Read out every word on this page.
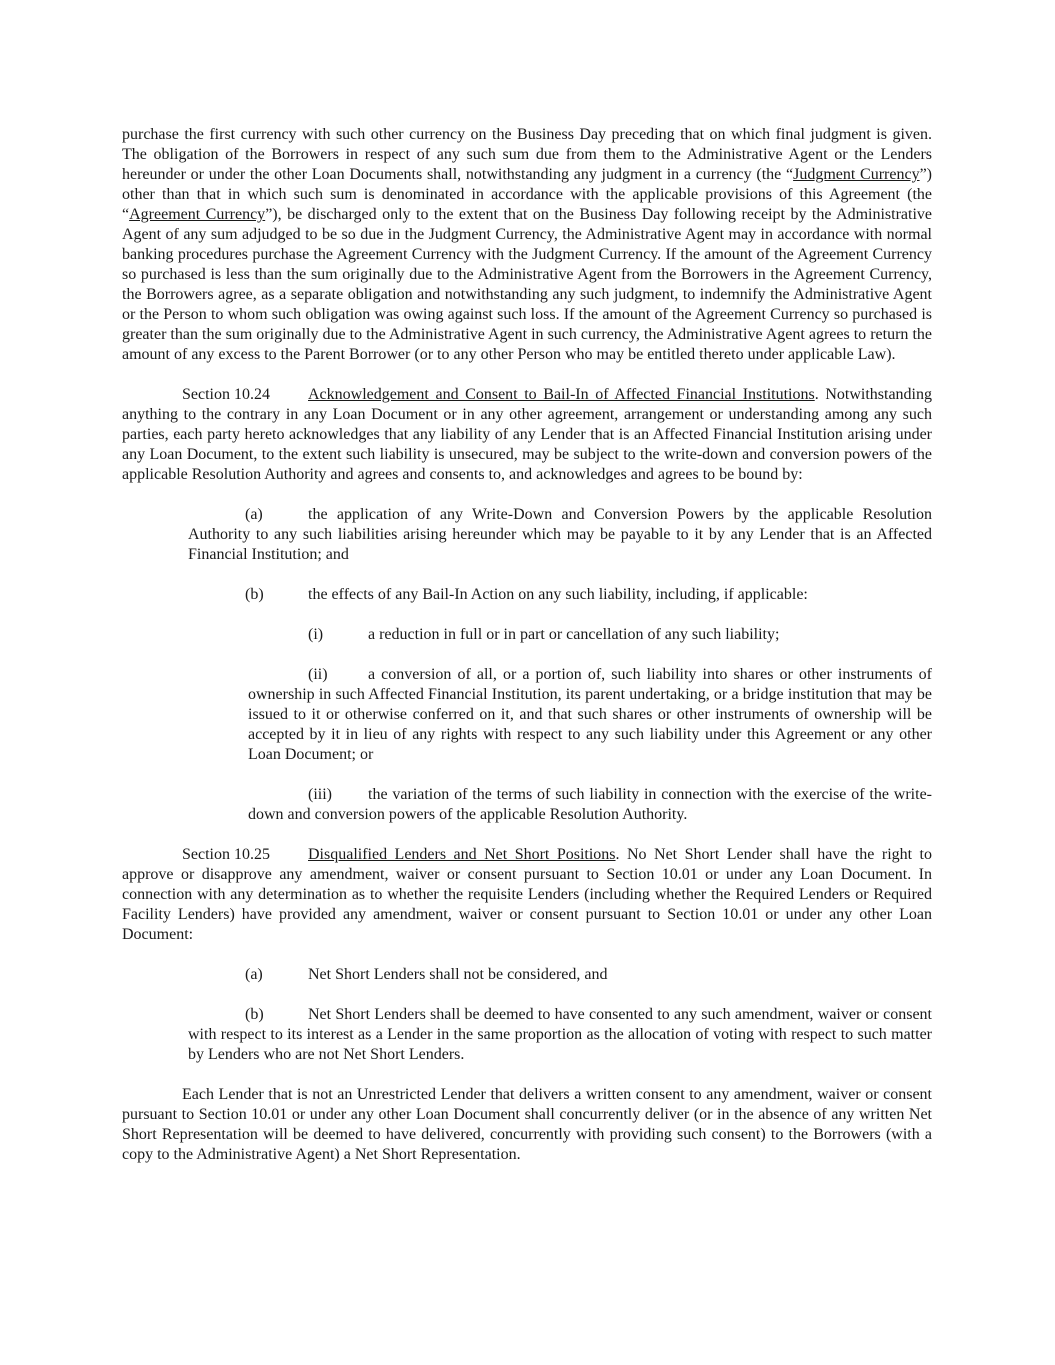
purchase the first currency with such other currency on the Business Day preceding that on which final judgment is given. The obligation of the Borrowers in respect of any such sum due from them to the Administrative Agent or the Lenders hereunder or under the other Loan Documents shall, notwithstanding any judgment in a currency (the “Judgment Currency”) other than that in which such sum is denominated in accordance with the applicable provisions of this Agreement (the “Agreement Currency”), be discharged only to the extent that on the Business Day following receipt by the Administrative Agent of any sum adjudged to be so due in the Judgment Currency, the Administrative Agent may in accordance with normal banking procedures purchase the Agreement Currency with the Judgment Currency. If the amount of the Agreement Currency so purchased is less than the sum originally due to the Administrative Agent from the Borrowers in the Agreement Currency, the Borrowers agree, as a separate obligation and notwithstanding any such judgment, to indemnify the Administrative Agent or the Person to whom such obligation was owing against such loss. If the amount of the Agreement Currency so purchased is greater than the sum originally due to the Administrative Agent in such currency, the Administrative Agent agrees to return the amount of any excess to the Parent Borrower (or to any other Person who may be entitled thereto under applicable Law).

Section 10.24 Acknowledgement and Consent to Bail-In of Affected Financial Institutions. Notwithstanding anything to the contrary in any Loan Document or in any other agreement, arrangement or understanding among any such parties, each party hereto acknowledges that any liability of any Lender that is an Affected Financial Institution arising under any Loan Document, to the extent such liability is unsecured, may be subject to the write-down and conversion powers of the applicable Resolution Authority and agrees and consents to, and acknowledges and agrees to be bound by:

(a)	the application of any Write-Down and Conversion Powers by the applicable Resolution Authority to any such liabilities arising hereunder which may be payable to it by any Lender that is an Affected Financial Institution; and

(b)	the effects of any Bail-In Action on any such liability, including, if applicable:

(i)	a reduction in full or in part or cancellation of any such liability;

(ii)	a conversion of all, or a portion of, such liability into shares or other instruments of ownership in such Affected Financial Institution, its parent undertaking, or a bridge institution that may be issued to it or otherwise conferred on it, and that such shares or other instruments of ownership will be accepted by it in lieu of any rights with respect to any such liability under this Agreement or any other Loan Document; or

(iii) the variation of the terms of such liability in connection with the exercise of the write-down and conversion powers of the applicable Resolution Authority.

Section 10.25 Disqualified Lenders and Net Short Positions. No Net Short Lender shall have the right to approve or disapprove any amendment, waiver or consent pursuant to Section 10.01 or under any Loan Document. In connection with any determination as to whether the requisite Lenders (including whether the Required Lenders or Required Facility Lenders) have provided any amendment, waiver or consent pursuant to Section 10.01 or under any other Loan Document:

(a)	Net Short Lenders shall not be considered, and

(b)	Net Short Lenders shall be deemed to have consented to any such amendment, waiver or consent with respect to its interest as a Lender in the same proportion as the allocation of voting with respect to such matter by Lenders who are not Net Short Lenders.

Each Lender that is not an Unrestricted Lender that delivers a written consent to any amendment, waiver or consent pursuant to Section 10.01 or under any other Loan Document shall concurrently deliver (or in the absence of any written Net Short Representation will be deemed to have delivered, concurrently with providing such consent) to the Borrowers (with a copy to the Administrative Agent) a Net Short Representation.
